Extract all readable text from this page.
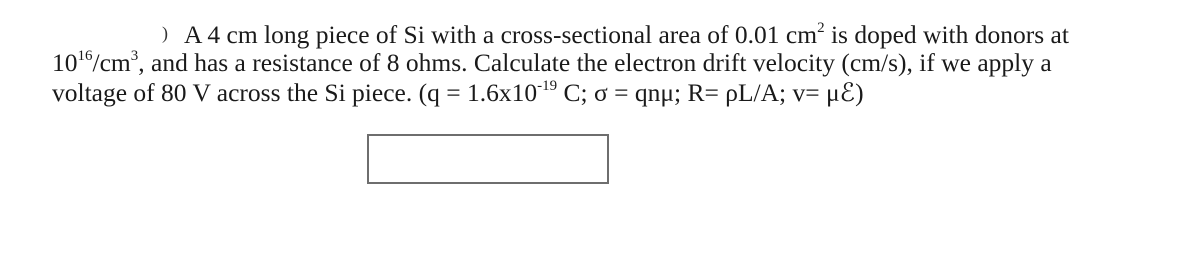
) A 4 cm long piece of Si with a cross-sectional area of 0.01 $cm^2$ is doped with donors at
$10^{16}/cm^3$, and has a resistance of 8 ohms. Calculate the electron drift velocity (cm/s), if we apply a
voltage of 80 V across the Si piece. ($q = 1.6x10^{-19}$ C; σ = qnμ; R= ρL/A; v= μℰ)
